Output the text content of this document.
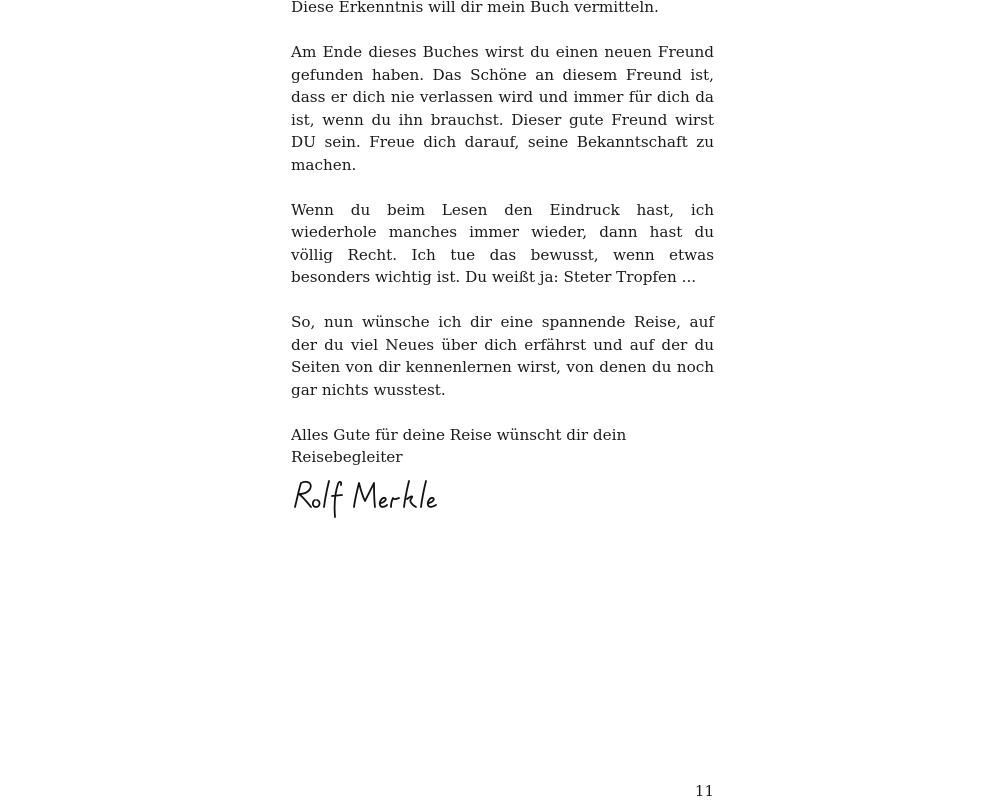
Diese Erkenntnis will dir mein Buch vermitteln.

Am Ende dieses Buches wirst du einen neuen Freund gefunden haben. Das Schöne an diesem Freund ist, dass er dich nie verlassen wird und immer für dich da ist, wenn du ihn brauchst. Dieser gute Freund wirst DU sein. Freue dich darauf, seine Bekanntschaft zu machen.

Wenn du beim Lesen den Eindruck hast, ich wiederhole manches immer wieder, dann hast du völlig Recht. Ich tue das bewusst, wenn etwas besonders wichtig ist. Du weißt ja: Steter Tropfen ...

So, nun wünsche ich dir eine spannende Reise, auf der du viel Neues über dich erfährst und auf der du Seiten von dir kennenlernen wirst, von denen du noch gar nichts wusstest.

Alles Gute für deine Reise wünscht dir dein Reisebegleiter

11
